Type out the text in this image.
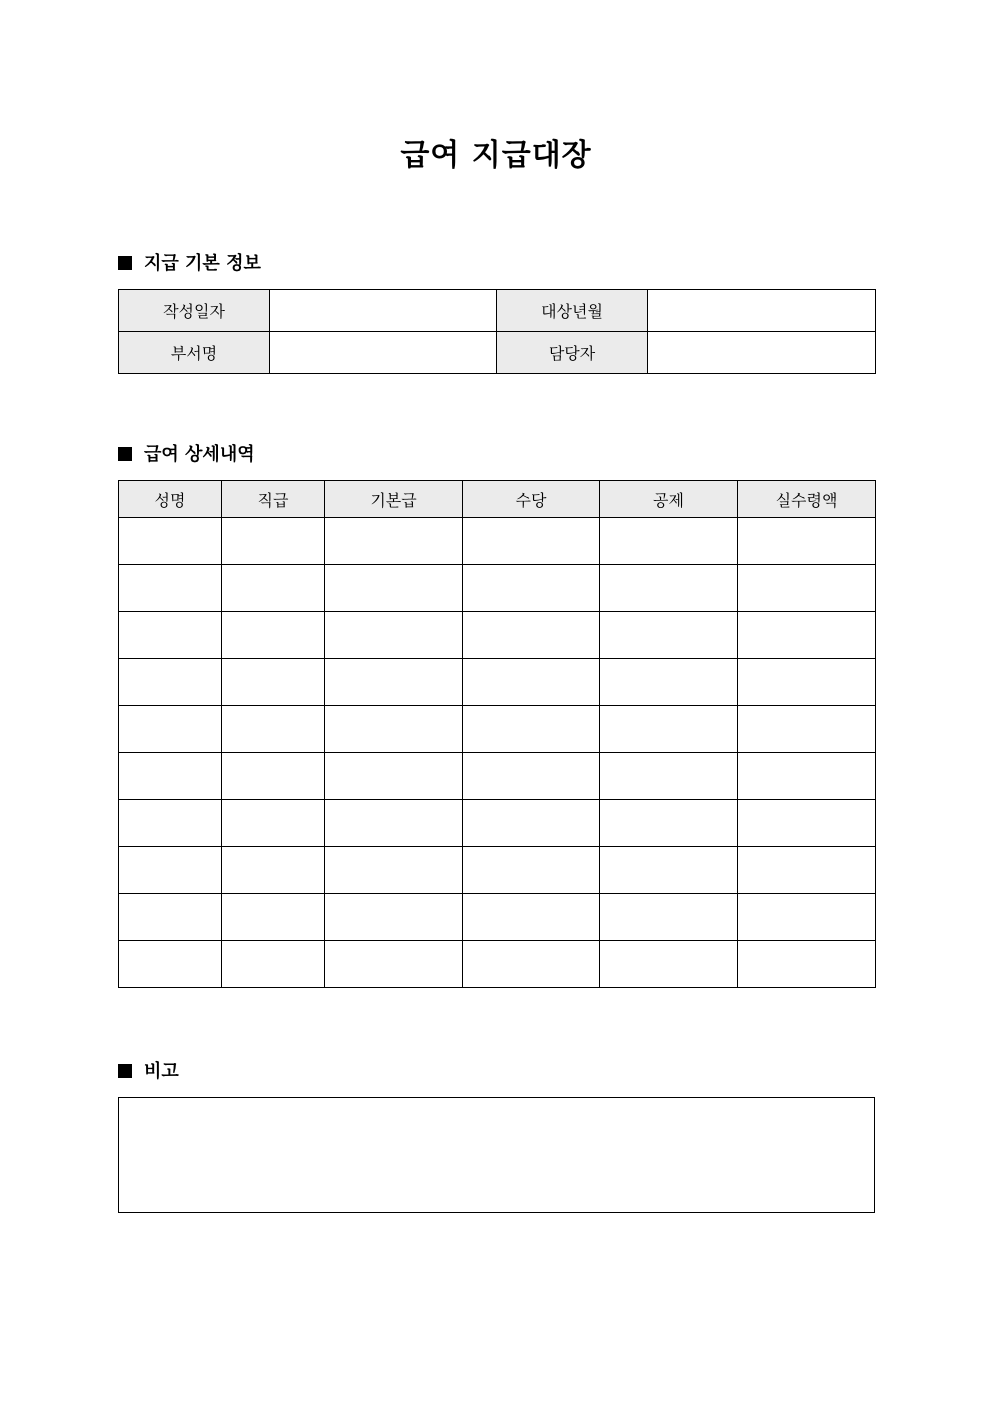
급여 지급대장
지급 기본 정보
작성일자		대상년월	
부서명		담당자	
급여 상세내역
성명	직급	기본급	수당	공제	실수령액

비고
